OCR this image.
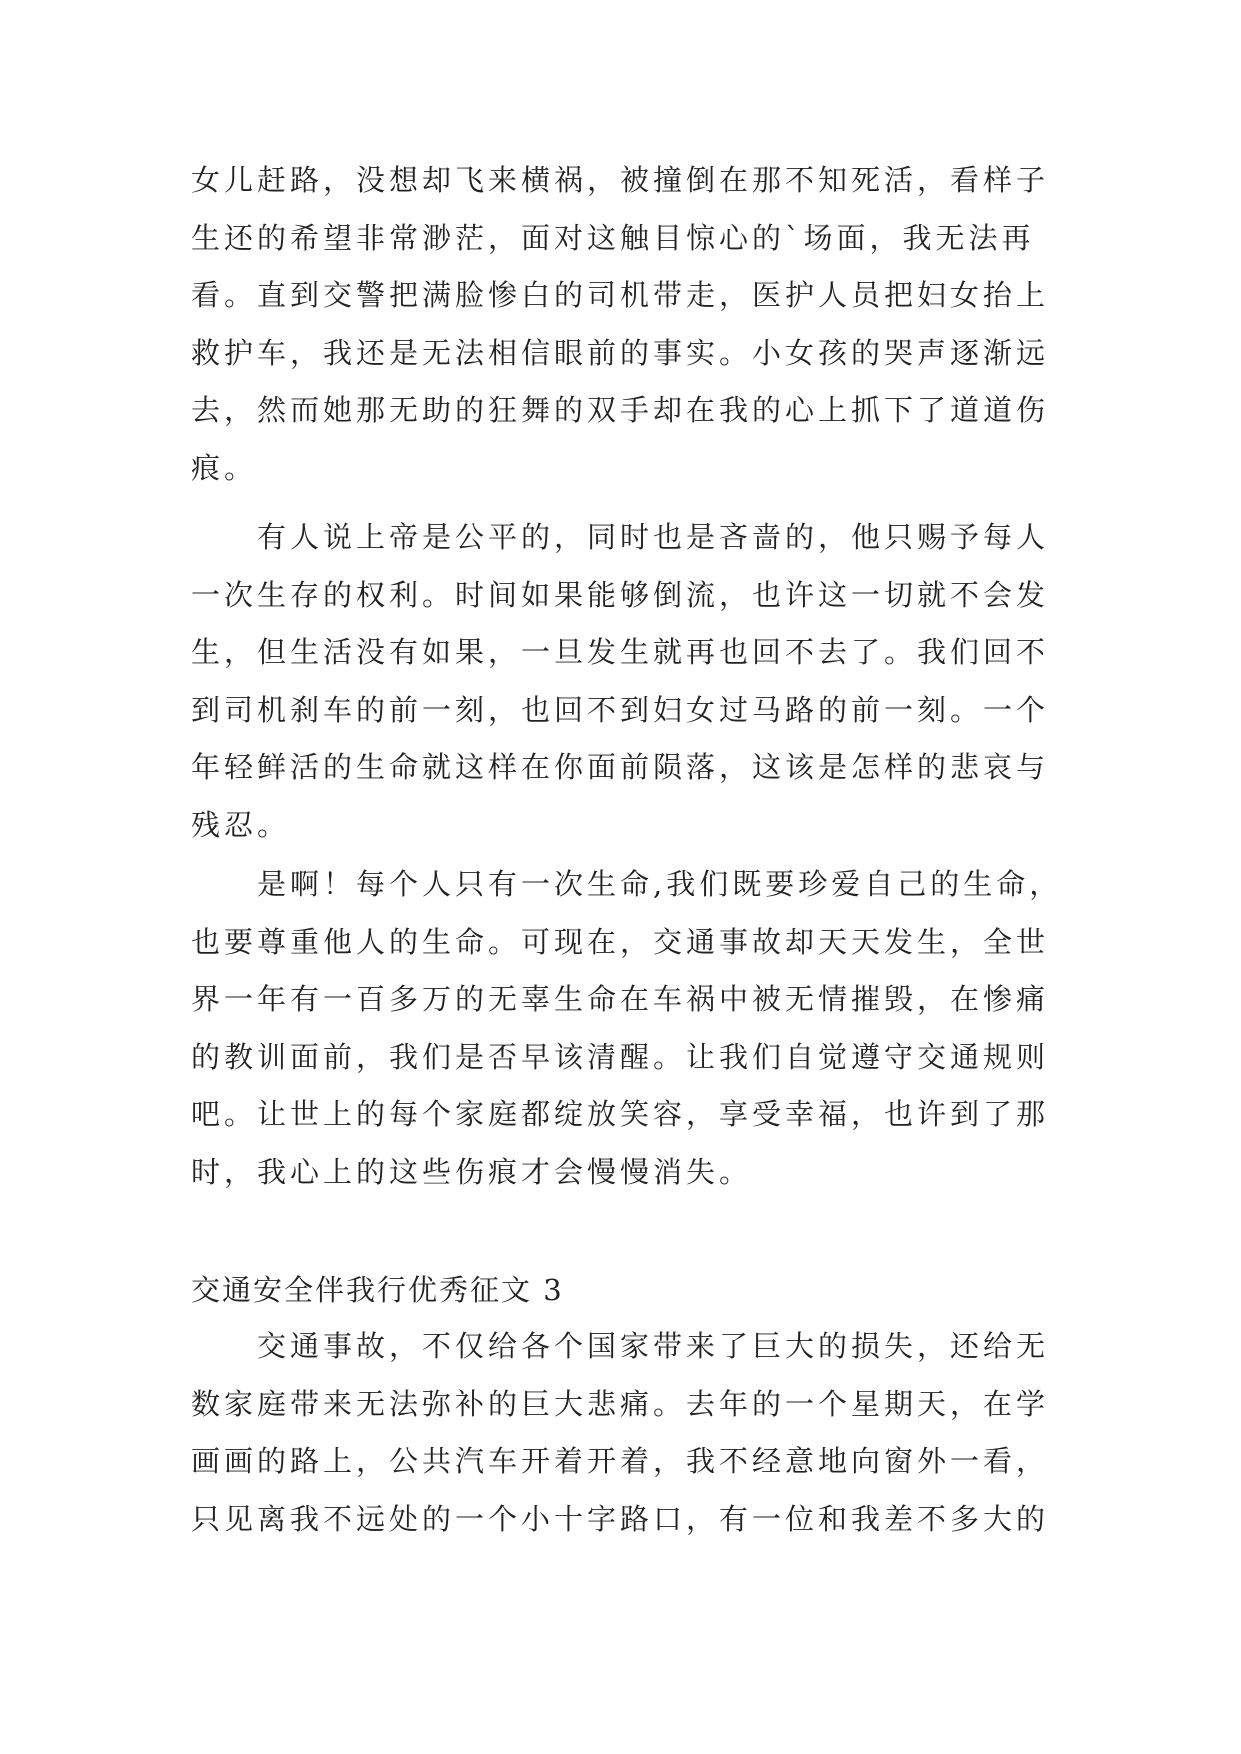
女儿赶路，没想却飞来横祸，被撞倒在那不知死活，看样子
生还的希望非常渺茫，面对这触目惊心的`场面，我无法再
看。直到交警把满脸惨白的司机带走，医护人员把妇女抬上
救护车，我还是无法相信眼前的事实。小女孩的哭声逐渐远
去，然而她那无助的狂舞的双手却在我的心上抓下了道道伤
痕。
有人说上帝是公平的，同时也是吝啬的，他只赐予每人
一次生存的权利。时间如果能够倒流，也许这一切就不会发
生，但生活没有如果，一旦发生就再也回不去了。我们回不
到司机刹车的前一刻，也回不到妇女过马路的前一刻。一个
年轻鲜活的生命就这样在你面前陨落，这该是怎样的悲哀与
残忍。
是啊！每个人只有一次生命,我们既要珍爱自己的生命，
也要尊重他人的生命。可现在，交通事故却天天发生，全世
界一年有一百多万的无辜生命在车祸中被无情摧毁，在惨痛
的教训面前，我们是否早该清醒。让我们自觉遵守交通规则
吧。让世上的每个家庭都绽放笑容，享受幸福，也许到了那
时，我心上的这些伤痕才会慢慢消失。
交通安全伴我行优秀征文 3
交通事故，不仅给各个国家带来了巨大的损失，还给无
数家庭带来无法弥补的巨大悲痛。去年的一个星期天，在学
画画的路上，公共汽车开着开着，我不经意地向窗外一看，
只见离我不远处的一个小十字路口，有一位和我差不多大的
